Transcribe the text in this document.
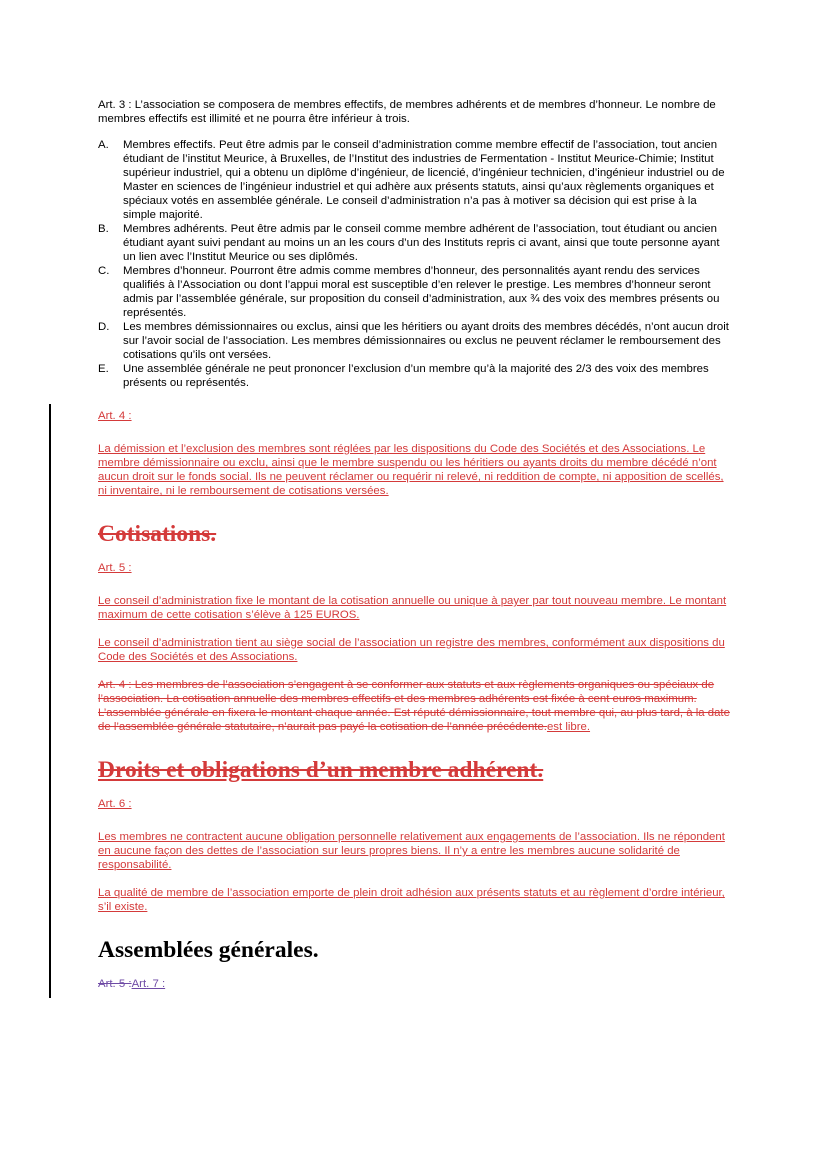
Art. 3 : L’association se composera de membres effectifs, de membres adhérents et de membres d’honneur. Le nombre de membres effectifs est illimité et ne pourra être inférieur à trois.

A. Membres effectifs. Peut être admis par le conseil d’administration comme membre effectif de l’association, tout ancien étudiant de l’institut Meurice, à Bruxelles, de l’Institut des industries de Fermentation - Institut Meurice-Chimie; Institut supérieur industriel, qui a obtenu un diplôme d’ingénieur, de licencié, d’ingénieur technicien, d’ingénieur industriel ou de Master en sciences de l’ingénieur industriel et qui adhère aux présents statuts, ainsi qu’aux règlements organiques et spéciaux votés en assemblée générale. Le conseil d’administration n’a pas à motiver sa décision qui est prise à la simple majorité.
B. Membres adhérents. Peut être admis par le conseil comme membre adhérent de l’association, tout étudiant ou ancien étudiant ayant suivi pendant au moins un an les cours d’un des Instituts repris ci avant, ainsi que toute personne ayant un lien avec l’Institut Meurice ou ses diplômés.
C. Membres d’honneur. Pourront être admis comme membres d’honneur, des personnalités ayant rendu des services qualifiés à l’Association ou dont l’appui moral est susceptible d’en relever le prestige. Les membres d’honneur seront admis par l’assemblée générale, sur proposition du conseil d’administration, aux ¾ des voix des membres présents ou représentés.
D. Les membres démissionnaires ou exclus, ainsi que les héritiers ou ayant droits des membres décédés, n’ont aucun droit sur l’avoir social de l’association. Les membres démissionnaires ou exclus ne peuvent réclamer le remboursement des cotisations qu’ils ont versées.
E. Une assemblée générale ne peut prononcer l’exclusion d’un membre qu’à la majorité des 2/3 des voix des membres présents ou représentés.

Art. 4 :

La démission et l’exclusion des membres sont réglées par les dispositions du Code des Sociétés et des Associations. Le membre démissionnaire ou exclu, ainsi que le membre suspendu ou les héritiers ou ayants droits du membre décédé n’ont aucun droit sur le fonds social. Ils ne peuvent réclamer ou requérir ni relevé, ni reddition de compte, ni apposition de scellés, ni inventaire, ni le remboursement de cotisations versées.

Cotisations.

Art. 5 :

Le conseil d’administration fixe le montant de la cotisation annuelle ou unique à payer par tout nouveau membre. Le montant maximum de cette cotisation s’élève à 125 EUROS.

Le conseil d’administration tient au siège social de l’association un registre des membres, conformément aux dispositions du Code des Sociétés et des Associations.

Art. 4 : Les membres de l’association s’engagent à se conformer aux statuts et aux règlements organiques ou spéciaux de l’association. La cotisation annuelle des membres effectifs et des membres adhérents est fixée à cent euros maximum. L’assemblée générale en fixera le montant chaque année. Est réputé démissionnaire, tout membre qui, au plus tard, à la date de l’assemblée générale statutaire, n’aurait pas payé la cotisation de l’année précédente.est libre.

Droits et obligations d’un membre adhérent.

Art. 6 :

Les membres ne contractent aucune obligation personnelle relativement aux engagements de l’association. Ils ne répondent en aucune façon des dettes de l’association sur leurs propres biens. Il n’y a entre les membres aucune solidarité de responsabilité.

La qualité de membre de l’association emporte de plein droit adhésion aux présents statuts et au règlement d’ordre intérieur, s’il existe.

Assemblées générales.

Art. 5 :Art. 7 :
